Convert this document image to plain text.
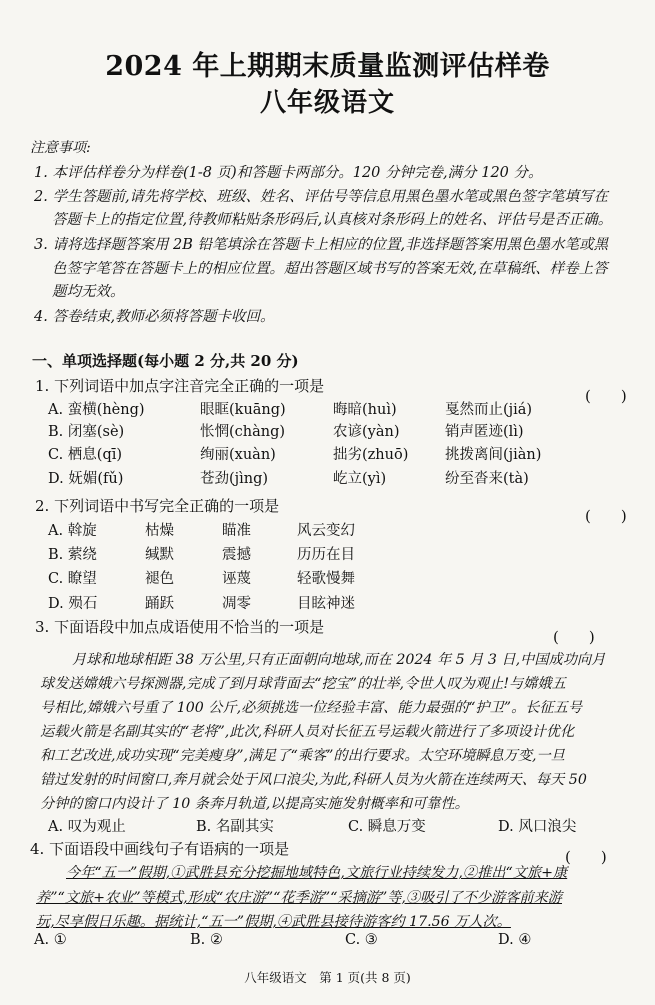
2024 年上期期末质量监测评估样卷
八年级语文
注意事项:
1. 本评估样卷分为样卷(1-8 页)和答题卡两部分。120 分钟完卷,满分 120 分。
2. 学生答题前,请先将学校、班级、姓名、评估号等信息用黑色墨水笔或黑色签字笔填写在
答题卡上的指定位置,待教师粘贴条形码后,认真核对条形码上的姓名、评估号是否正确。
3. 请将选择题答案用 2B 铅笔填涂在答题卡上相应的位置,非选择题答案用黑色墨水笔或黑
色签字笔答在答题卡上的相应位置。超出答题区域书写的答案无效,在草稿纸、样卷上答
题均无效。
4. 答卷结束,教师必须将答题卡收回。
一、单项选择题(每小题 2 分,共 20 分)
1. 下列词语中加点字注音完全正确的一项是
(　　)
A. 蛮横(hèng)	眼眶(kuāng)	晦暗(huì)	戛然而止(jiá)
B. 闭塞(sè)	怅惘(chàng)	农谚(yàn)	销声匿迹(lì)
C. 栖息(qī)	绚丽(xuàn)	拙劣(zhuō)	挑拨离间(jiàn)
D. 妩媚(fǔ)	苍劲(jìng)	屹立(yì)	纷至沓来(tà)
2. 下列词语中书写完全正确的一项是
(　　)
A. 斡旋	枯燥	瞄准	风云变幻
B. 萦绕	缄默	震撼	历历在目
C. 瞭望	褪色	诬蔑	轻歌慢舞
D. 殒石	踊跃	凋零	目眩神迷
3. 下面语段中加点成语使用不恰当的一项是
(　　)
月球和地球相距 38 万公里,只有正面朝向地球,而在 2024 年 5 月 3 日,中国成功向月
球发送嫦娥六号探测器,完成了到月球背面去“挖宝”的壮举,令世人叹为观止!与嫦娥五
号相比,嫦娥六号重了 100 公斤,必须挑选一位经验丰富、能力最强的“护卫”。长征五号
运载火箭是名副其实的“老将”,此次,科研人员对长征五号运载火箭进行了多项设计优化
和工艺改进,成功实现“完美瘦身”,满足了“乘客”的出行要求。太空环境瞬息万变,一旦
错过发射的时间窗口,奔月就会处于风口浪尖,为此,科研人员为火箭在连续两天、每天 50
分钟的窗口内设计了 10 条奔月轨道,以提高实施发射概率和可靠性。
A. 叹为观止	B. 名副其实	C. 瞬息万变	D. 风口浪尖
4. 下面语段中画线句子有语病的一项是	(　　)
今年“五一”假期,①武胜县充分挖掘地域特色,文旅行业持续发力,②推出“文旅+康
养”“文旅+农业”等模式,形成“农庄游”“花季游”“采摘游”等,③吸引了不少游客前来游
玩,尽享假日乐趣。据统计,“五一”假期,④武胜县接待游客约 17.56 万人次。
A. ①	B. ②	C. ③	D. ④
八年级语文　第 1 页(共 8 页)
